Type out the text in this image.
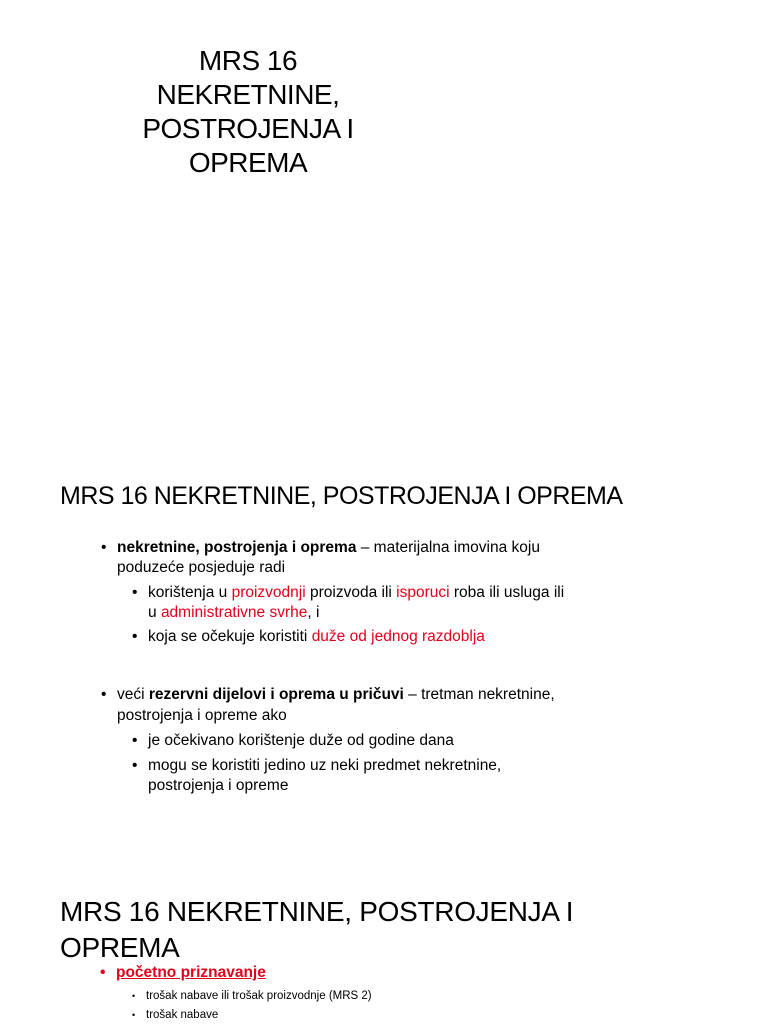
MRS 16
NEKRETNINE,
POSTROJENJA I
OPREMA
MRS 16 NEKRETNINE, POSTROJENJA I OPREMA
• nekretnine, postrojenja i oprema – materijalna imovina koju
poduzeće posjeduje radi
• korištenja u proizvodnji proizvoda ili isporuci roba ili usluga ili
u administrativne svrhe, i
• koja se očekuje koristiti duže od jednog razdoblja
• veći rezervni dijelovi i oprema u pričuvi – tretman nekretnine,
postrojenja i opreme ako
• je očekivano korištenje duže od godine dana
• mogu se koristiti jedino uz neki predmet nekretnine,
postrojenja i opreme
MRS 16 NEKRETNINE, POSTROJENJA I
OPREMA
• početno priznavanje
• trošak nabave ili trošak proizvodnje (MRS 2)
• trošak nabave
